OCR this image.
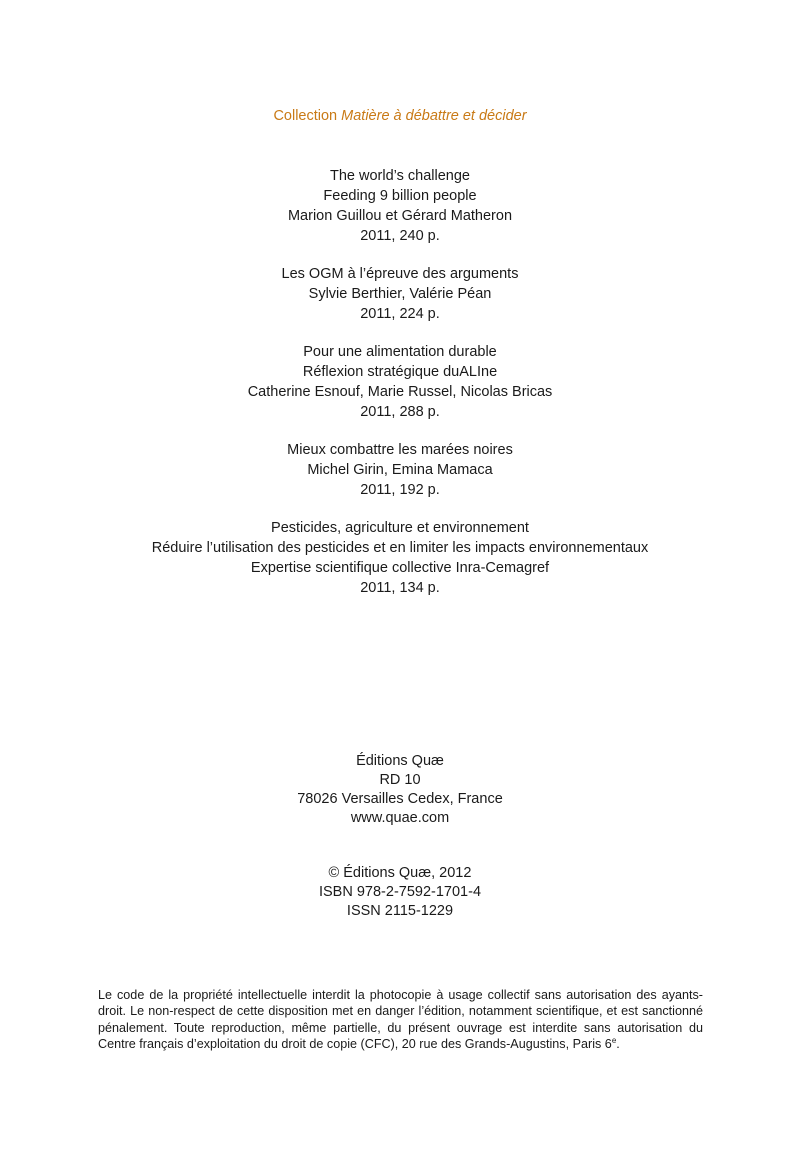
Collection Matière à débattre et décider
The world’s challenge
Feeding 9 billion people
Marion Guillou et Gérard Matheron
2011, 240 p.
Les OGM à l’épreuve des arguments
Sylvie Berthier, Valérie Péan
2011, 224 p.
Pour une alimentation durable
Réflexion stratégique duALIne
Catherine Esnouf, Marie Russel, Nicolas Bricas
2011, 288 p.
Mieux combattre les marées noires
Michel Girin, Emina Mamaca
2011, 192 p.
Pesticides, agriculture et environnement
Réduire l’utilisation des pesticides et en limiter les impacts environnementaux
Expertise scientifique collective Inra-Cemagref
2011, 134 p.
Éditions Quæ
RD 10
78026 Versailles Cedex, France
www.quae.com
© Éditions Quæ, 2012
ISBN 978-2-7592-1701-4
ISSN 2115-1229
Le code de la propriété intellectuelle interdit la photocopie à usage collectif sans autorisation des ayants-droit. Le non-respect de cette disposition met en danger l’édition, notamment scientifique, et est sanctionné pénalement. Toute reproduction, même partielle, du présent ouvrage est interdite sans autorisation du Centre français d’exploitation du droit de copie (CFC), 20 rue des Grands-Augustins, Paris 6e.
